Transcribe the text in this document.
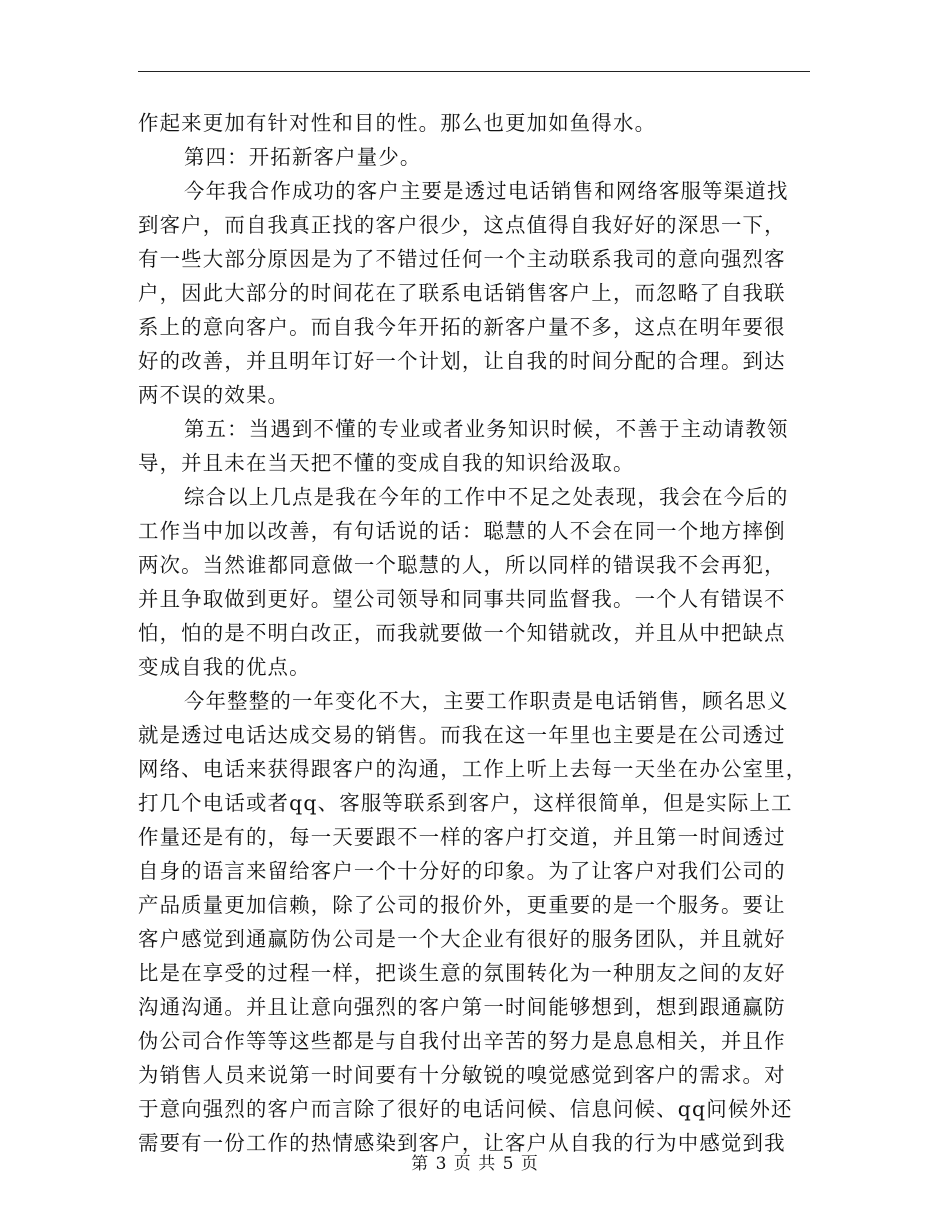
作起来更加有针对性和目的性。那么也更加如鱼得水。
第四：开拓新客户量少。
今年我合作成功的客户主要是透过电话销售和网络客服等渠道找
到客户，而自我真正找的客户很少，这点值得自我好好的深思一下，
有一些大部分原因是为了不错过任何一个主动联系我司的意向强烈客
户，因此大部分的时间花在了联系电话销售客户上，而忽略了自我联
系上的意向客户。而自我今年开拓的新客户量不多，这点在明年要很
好的改善，并且明年订好一个计划，让自我的时间分配的合理。到达
两不误的效果。
第五：当遇到不懂的专业或者业务知识时候，不善于主动请教领
导，并且未在当天把不懂的变成自我的知识给汲取。
综合以上几点是我在今年的工作中不足之处表现，我会在今后的
工作当中加以改善，有句话说的话：聪慧的人不会在同一个地方摔倒
两次。当然谁都同意做一个聪慧的人，所以同样的错误我不会再犯，
并且争取做到更好。望公司领导和同事共同监督我。一个人有错误不
怕，怕的是不明白改正，而我就要做一个知错就改，并且从中把缺点
变成自我的优点。
今年整整的一年变化不大，主要工作职责是电话销售，顾名思义
就是透过电话达成交易的销售。而我在这一年里也主要是在公司透过
网络、电话来获得跟客户的沟通，工作上听上去每一天坐在办公室里，
打几个电话或者qq、客服等联系到客户，这样很简单，但是实际上工
作量还是有的，每一天要跟不一样的客户打交道，并且第一时间透过
自身的语言来留给客户一个十分好的印象。为了让客户对我们公司的
产品质量更加信赖，除了公司的报价外，更重要的是一个服务。要让
客户感觉到通赢防伪公司是一个大企业有很好的服务团队，并且就好
比是在享受的过程一样，把谈生意的氛围转化为一种朋友之间的友好
沟通沟通。并且让意向强烈的客户第一时间能够想到，想到跟通赢防
伪公司合作等等这些都是与自我付出辛苦的努力是息息相关，并且作
为销售人员来说第一时间要有十分敏锐的嗅觉感觉到客户的需求。对
于意向强烈的客户而言除了很好的电话问候、信息问候、qq问候外还
需要有一份工作的热情感染到客户，让客户从自我的行为中感觉到我
第 3 页 共 5 页
